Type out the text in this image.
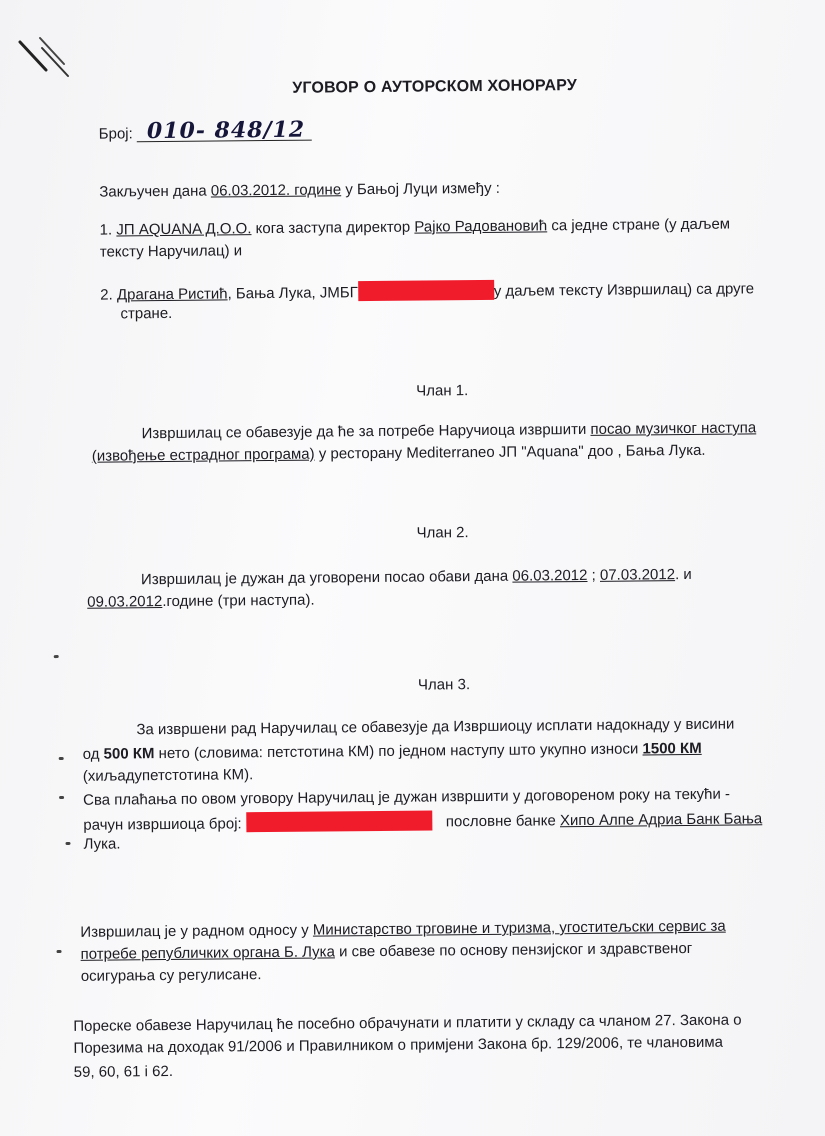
УГОВОР О АУТОРСКОМ ХОНОРАРУ
Број: 010- 848/12
Закључен дана 06.03.2012. године у Бањој Луци између :
1. ЈП AQUANA Д.О.О. кога заступа директор Рајко Радовановић са једне стране (у даљем
тексту Наручилац) и
2. Драгана Ристић, Бања Лука, ЈМБГ	у даљем тексту Извршилац) са друге
стране.
Члан 1.
Извршилац се обавезује да ће за потребе Наручиоца извршити посао музичког наступа
(извођење естрадног програма) у ресторану Mediterraneo ЈП "Aquana" доо , Бања Лука.
Члан 2.
Извршилац је дужан да уговорени посао обави дана 06.03.2012 ; 07.03.2012. и
09.03.2012.године (три наступа).
Члан 3.
За извршени рад Наручилац се обавезује да Извршиоцу исплати надокнаду у висини
од 500 КМ нето (словима: петстотина КМ) по једном наступу што укупно износи 1500 КМ
(хиљадупетстотина КМ).
Сва плаћања по овом уговору Наручилац је дужан извршити у договореном року на текући -
рачун извршиоца број:	пословне банке Хипо Алпе Адриа Банк Бања
Лука.
Извршилац је у радном односу у Министарство трговине и туризма, угоститељски сервис за
потребе републичких органа Б. Лука и све обавезе по основу пензијског и здравственог
осигурања су регулисане.
Пореске обавезе Наручилац ће посебно обрачунати и платити у складу са чланом 27. Закона о
Порезима на доходак 91/2006 и Правилником о примјени Закона бр. 129/2006, те члановима
59, 60, 61 і 62.
